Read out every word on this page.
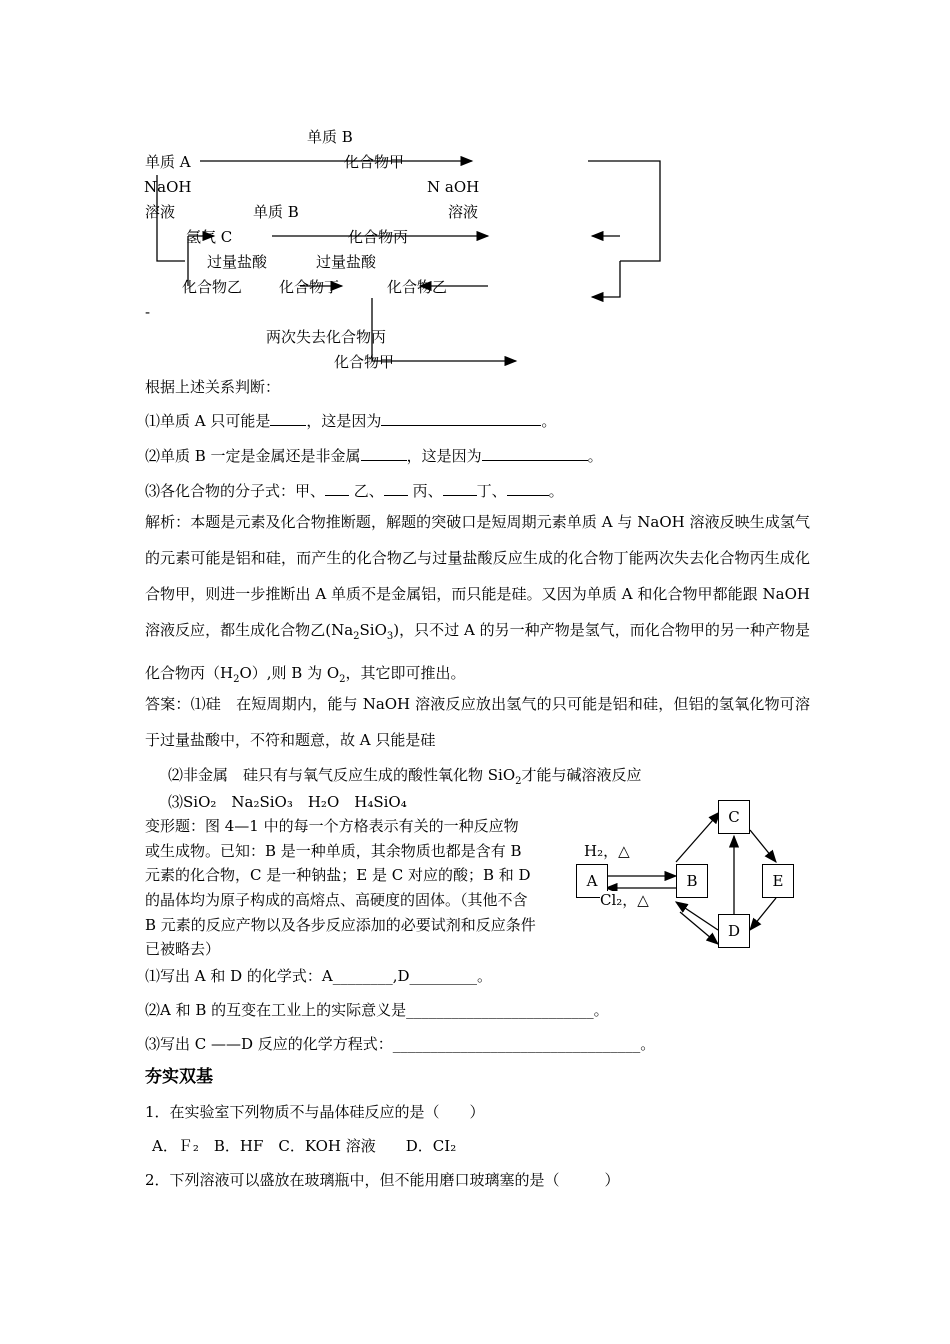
单质 B
单质 A	化合物甲
NaOH	N aOH
溶液	单质 B	溶液
氢气 C	化合物丙
过量盐酸	过量盐酸
化合物乙 化合物丁	化合物乙
-
两次失去化合物丙
化合物甲
根据上述关系判断：
⑴单质 A 只可能是 ，这是因为	。
⑵单质 B 一定是金属还是非金属	，这是因为	。
⑶各化合物的分子式：甲、 乙、 丙、 丁、	。
解析：本题是元素及化合物推断题，解题的突破口是短周期元素单质 A 与 NaOH 溶液反映生成氢气的元素可能是铝和硅，而产生的化合物乙与过量盐酸反应生成的化合物丁能两次失去化合物丙生成化合物甲，则进一步推断出 A 单质不是金属铝，而只能是硅。又因为单质 A 和化合物甲都能跟 NaOH 溶液反应，都生成化合物乙$(Na_2SiO_3)$，只不过 A 的另一种产物是氢气，而化合物甲的另一种产物是化合物丙$(H_2O)$,则 B 为 $O_2$，其它即可推出。
答案：⑴硅　在短周期内，能与 NaOH 溶液反应放出氢气的只可能是铝和硅，但铝的氢氧化物可溶于过量盐酸中，不符和题意，故 A 只能是硅
⑵非金属　硅只有与氧气反应生成的酸性氧化物 SiO$_2$才能与碱溶液反应
⑶SiO₂　Na₂SiO₃　H₂O　H₄SiO₄
变形题：图 4—1 中的每一个方格表示有关的一种反应物
或生成物。已知：B 是一种单质，其余物质也都是含有 B
元素的化合物，C 是一种钠盐；E 是 C 对应的酸；B 和 D
的晶体均为原子构成的高熔点、高硬度的固体。（其他不含
B 元素的反应产物以及各步反应添加的必要试剂和反应条件
已被略去）
⑴写出 A 和 D 的化学式：A________,D_________。
⑵A 和 B 的互变在工业上的实际意义是_________________________。
⑶写出 C ——D 反应的化学方程式：_________________________________。
A	B
C
E
D
H₂，△
Cl₂，△
夯实双基
1．在实验室下列物质不与晶体硅反应的是（　　）
A．Ｆ₂　B．HF　C．KOH 溶液　　D．CI₂
2．下列溶液可以盛放在玻璃瓶中，但不能用磨口玻璃塞的是（　　　）
